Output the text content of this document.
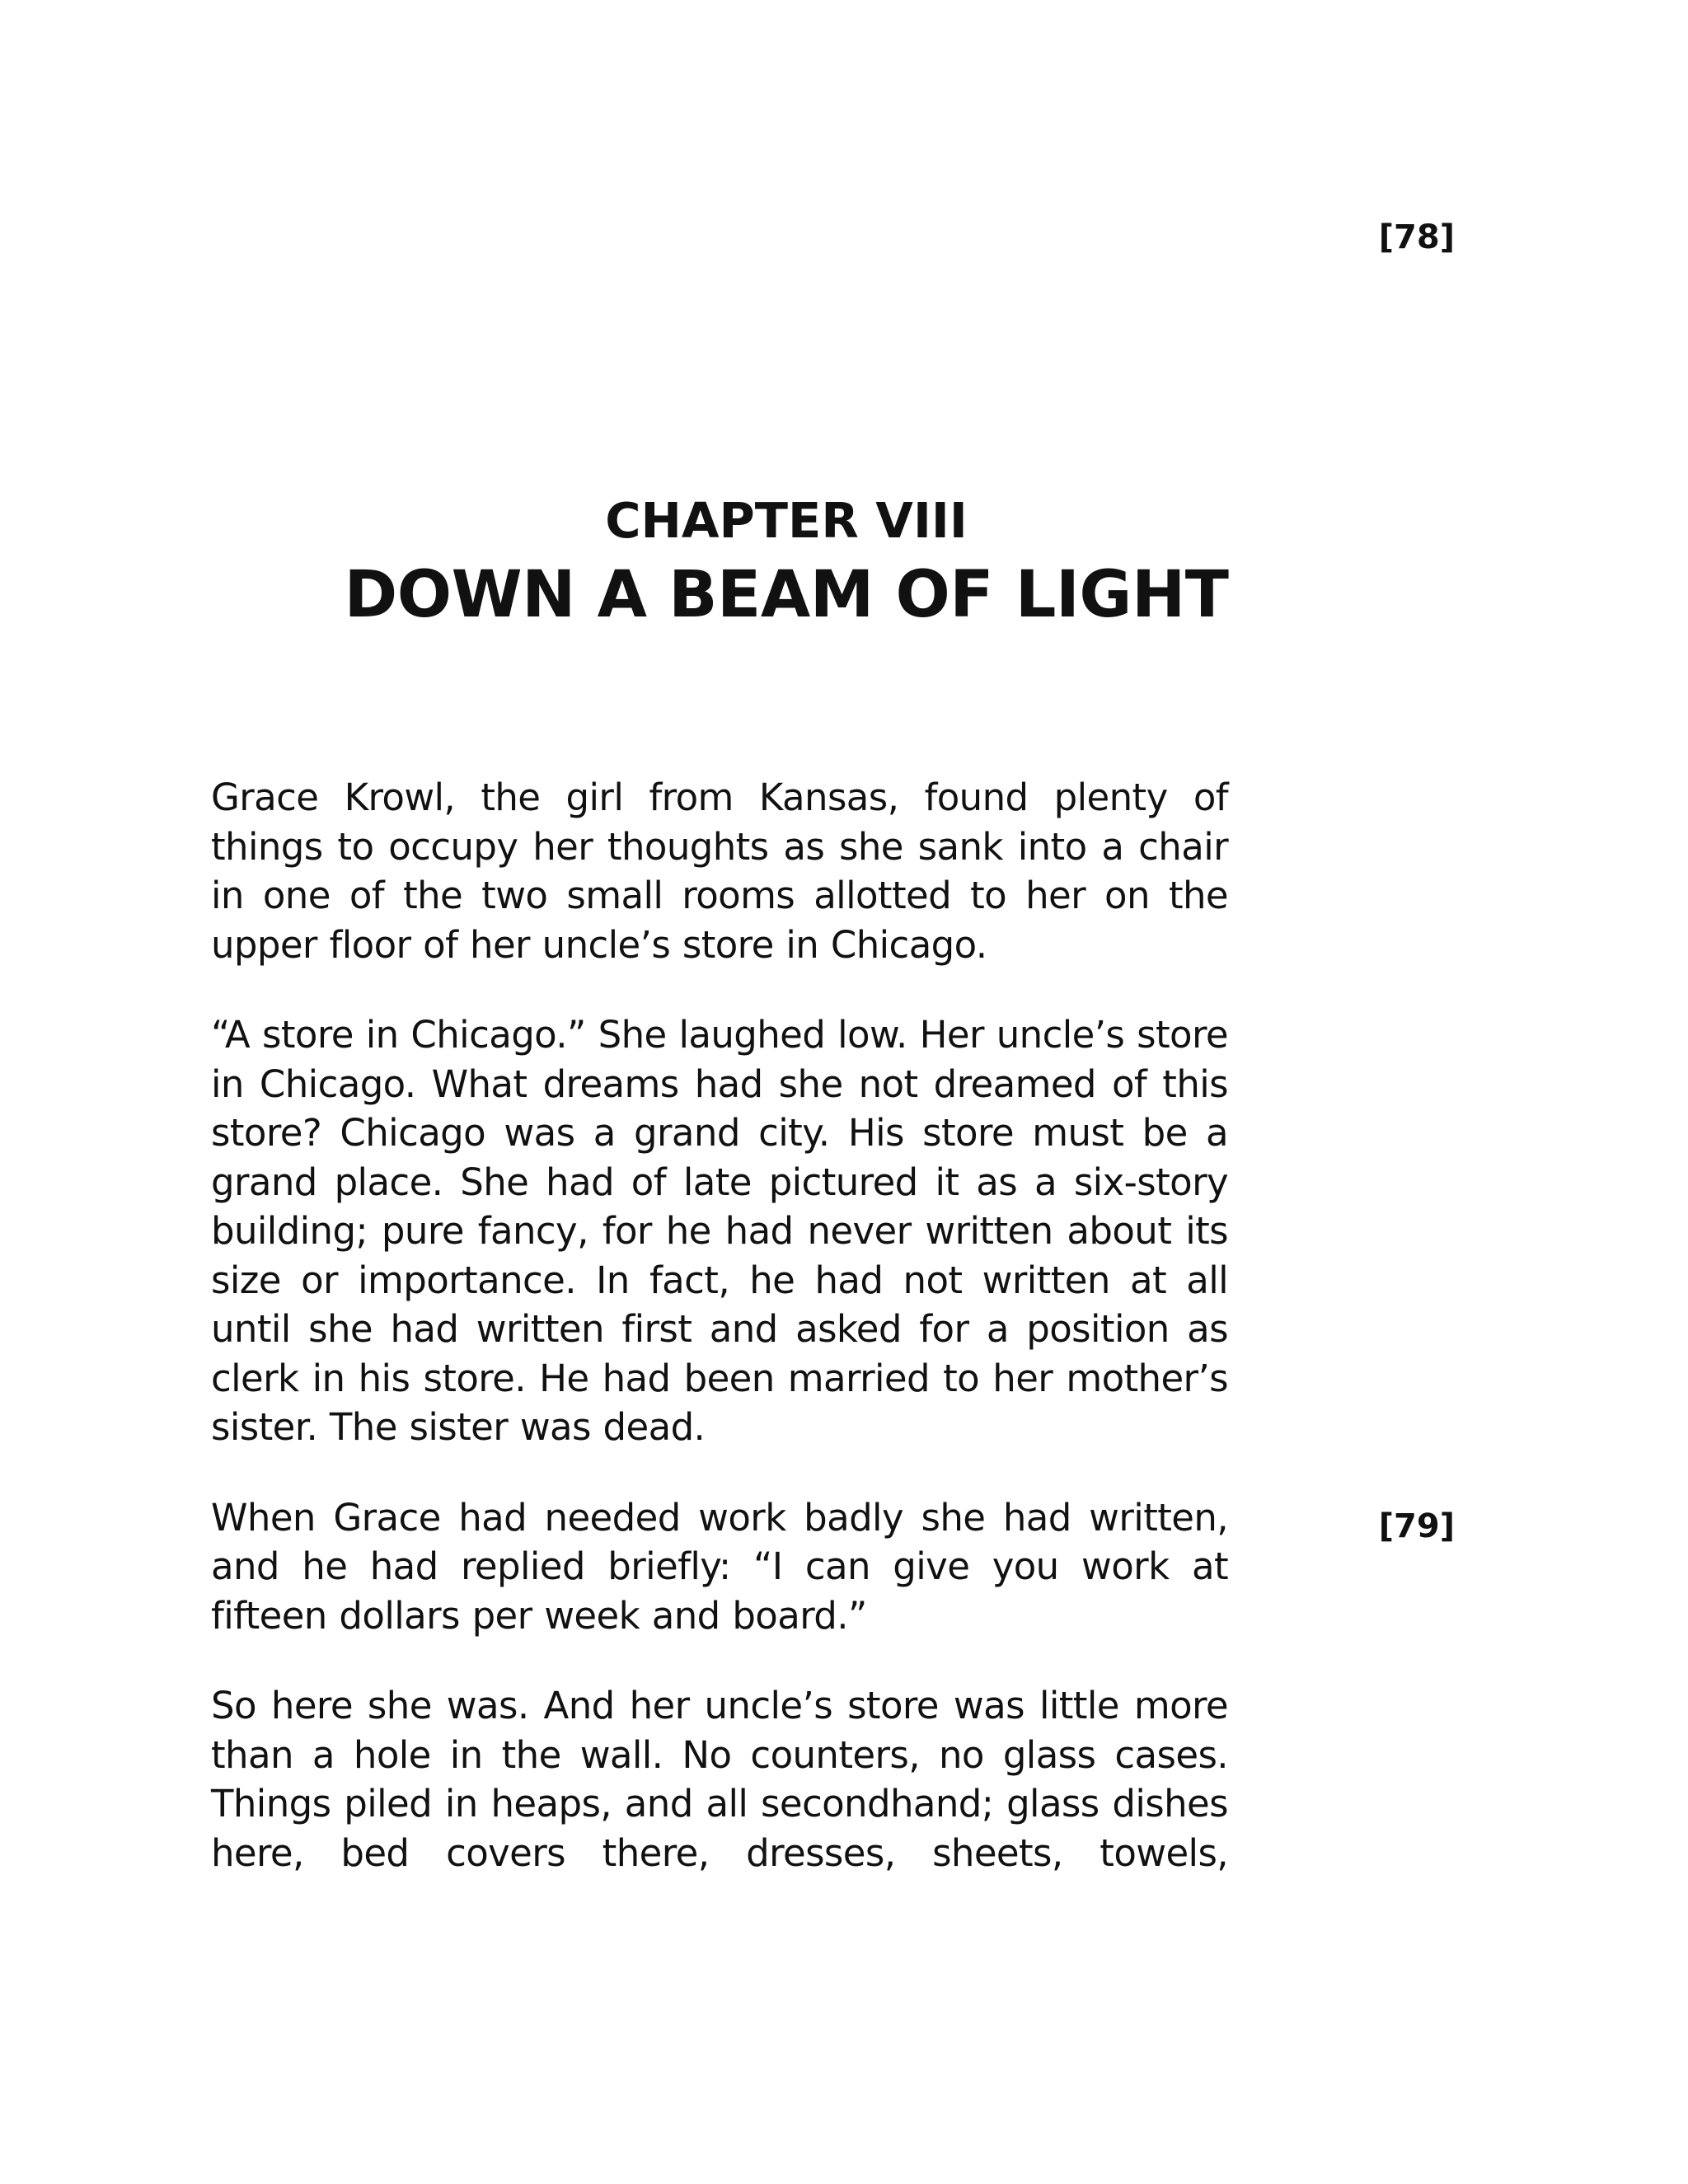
[78]
CHAPTER VIII
DOWN A BEAM OF LIGHT

Grace Krowl, the girl from Kansas, found plenty of things to occupy her thoughts as she sank into a chair in one of the two small rooms allotted to her on the upper floor of her uncle’s store in Chicago.

“A store in Chicago.” She laughed low. Her uncle’s store in Chicago. What dreams had she not dreamed of this store? Chicago was a grand city. His store must be a grand place. She had of late pictured it as a six-story building; pure fancy, for he had never written about its size or importance. In fact, he had not written at all until she had written first and asked for a position as clerk in his store. He had been married to her mother’s sister. The sister was dead.

When Grace had needed work badly she had written, and he had replied briefly: “I can give you work at fifteen dollars per week and board.”

So here she was. And her uncle’s store was little more than a hole in the wall. No counters, no glass cases. Things piled in heaps, and all secondhand; glass dishes here, bed covers there, dresses, sheets, towels,

[79]
